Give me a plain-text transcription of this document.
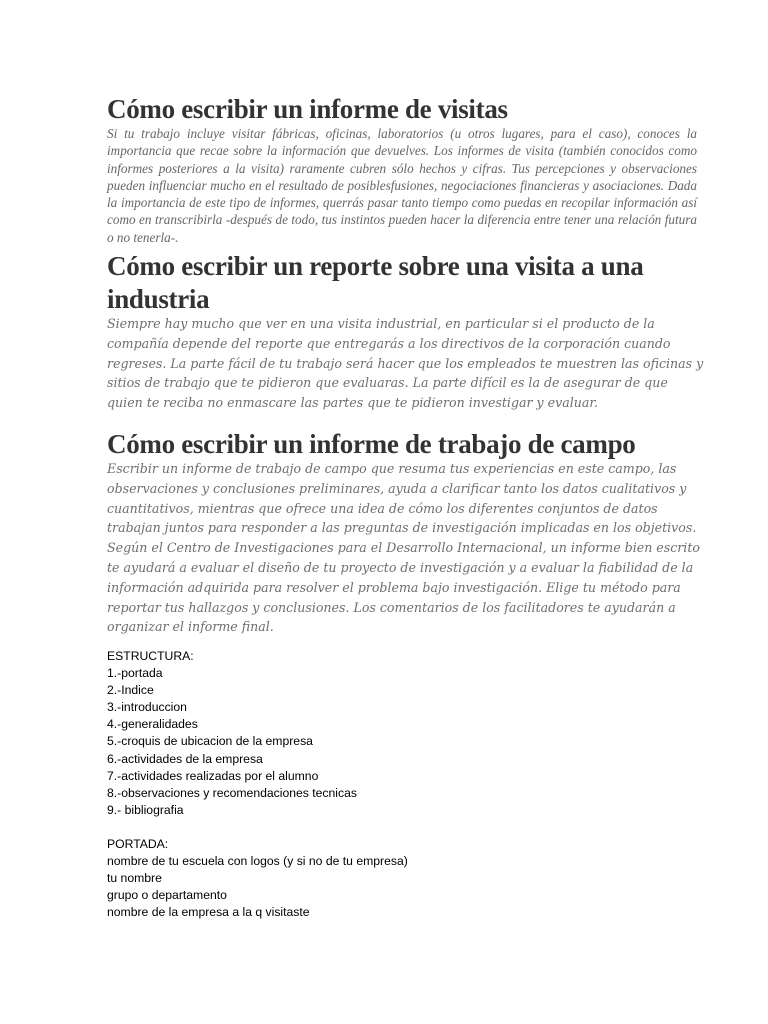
Cómo escribir un informe de visitas

Si tu trabajo incluye visitar fábricas, oficinas, laboratorios (u otros lugares, para el caso), conoces la importancia que recae sobre la información que devuelves. Los informes de visita (también conocidos como informes posteriores a la visita) raramente cubren sólo hechos y cifras. Tus percepciones y observaciones pueden influenciar mucho en el resultado de posiblesfusiones, negociaciones financieras y asociaciones. Dada la importancia de este tipo de informes, querrás pasar tanto tiempo como puedas en recopilar información así como en transcribirla -después de todo, tus instintos pueden hacer la diferencia entre tener una relación futura o no tenerla-.

Cómo escribir un reporte sobre una visita a una industria

Siempre hay mucho que ver en una visita industrial, en particular si el producto de la compañía depende del reporte que entregarás a los directivos de la corporación cuando regreses. La parte fácil de tu trabajo será hacer que los empleados te muestren las oficinas y sitios de trabajo que te pidieron que evaluaras. La parte difícil es la de asegurar de que quien te reciba no enmascare las partes que te pidieron investigar y evaluar.

Cómo escribir un informe de trabajo de campo

Escribir un informe de trabajo de campo que resuma tus experiencias en este campo, las observaciones y conclusiones preliminares, ayuda a clarificar tanto los datos cualitativos y cuantitativos, mientras que ofrece una idea de cómo los diferentes conjuntos de datos trabajan juntos para responder a las preguntas de investigación implicadas en los objetivos. Según el Centro de Investigaciones para el Desarrollo Internacional, un informe bien escrito te ayudará a evaluar el diseño de tu proyecto de investigación y a evaluar la fiabilidad de la información adquirida para resolver el problema bajo investigación. Elige tu método para reportar tus hallazgos y conclusiones. Los comentarios de los facilitadores te ayudarán a organizar el informe final.

ESTRUCTURA:
1.-portada
2.-Indice
3.-introduccion
4.-generalidades
5.-croquis de ubicacion de la empresa
6.-actividades de la empresa
7.-actividades realizadas por el alumno
8.-observaciones y recomendaciones tecnicas
9.- bibliografia
PORTADA:
nombre de tu escuela con logos (y si no de tu empresa)
tu nombre
grupo o departamento
nombre de la empresa a la q visitaste
